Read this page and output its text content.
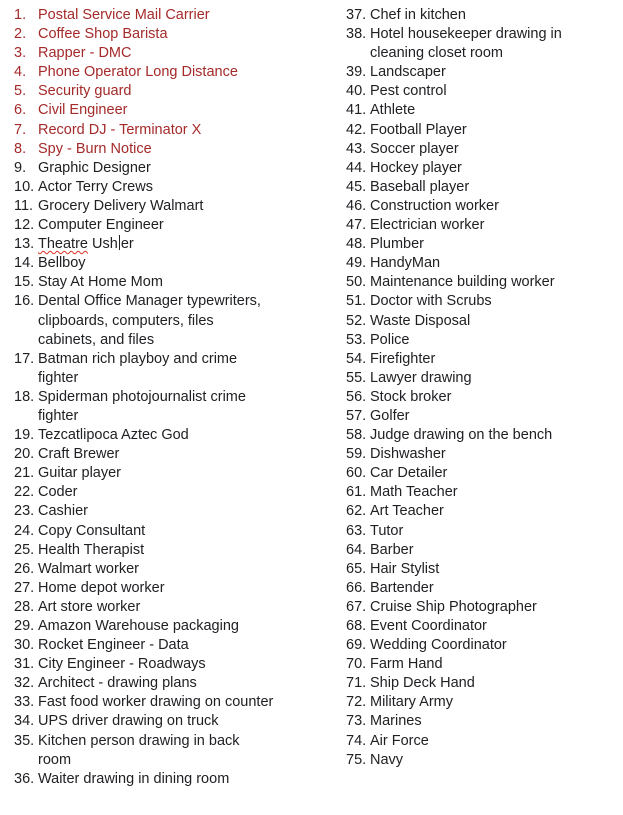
1. Postal Service Mail Carrier
2. Coffee Shop Barista
3. Rapper - DMC
4. Phone Operator Long Distance
5. Security guard
6. Civil Engineer
7. Record DJ - Terminator X
8. Spy - Burn Notice
9. Graphic Designer
10. Actor Terry Crews
11. Grocery Delivery Walmart
12. Computer Engineer
13. Theatre Ush er
14. Bellboy
15. Stay At Home Mom
16. Dental Office Manager typewriters,
clipboards, computers, files
cabinets, and files
17. Batman rich playboy and crime
fighter
18. Spiderman photojournalist crime
fighter
19. Tezcatlipoca Aztec God
20. Craft Brewer
21. Guitar player
22. Coder
23. Cashier
24. Copy Consultant
25. Health Therapist
26. Walmart worker
27. Home depot worker
28. Art store worker
29. Amazon Warehouse packaging
30. Rocket Engineer - Data
31. City Engineer - Roadways
32. Architect - drawing plans
33. Fast food worker drawing on counter
34. UPS driver drawing on truck
35. Kitchen person drawing in back
room
36. Waiter drawing in dining room
37. Chef in kitchen
38. Hotel housekeeper drawing in
cleaning closet room
39. Landscaper
40. Pest control
41. Athlete
42. Football Player
43. Soccer player
44. Hockey player
45. Baseball player
46. Construction worker
47. Electrician worker
48. Plumber
49. HandyMan
50. Maintenance building worker
51. Doctor with Scrubs
52. Waste Disposal
53. Police
54. Firefighter
55. Lawyer drawing
56. Stock broker
57. Golfer
58. Judge drawing on the bench
59. Dishwasher
60. Car Detailer
61. Math Teacher
62. Art Teacher
63. Tutor
64. Barber
65. Hair Stylist
66. Bartender
67. Cruise Ship Photographer
68. Event Coordinator
69. Wedding Coordinator
70. Farm Hand
71. Ship Deck Hand
72. Military Army
73. Marines
74. Air Force
75. Navy
